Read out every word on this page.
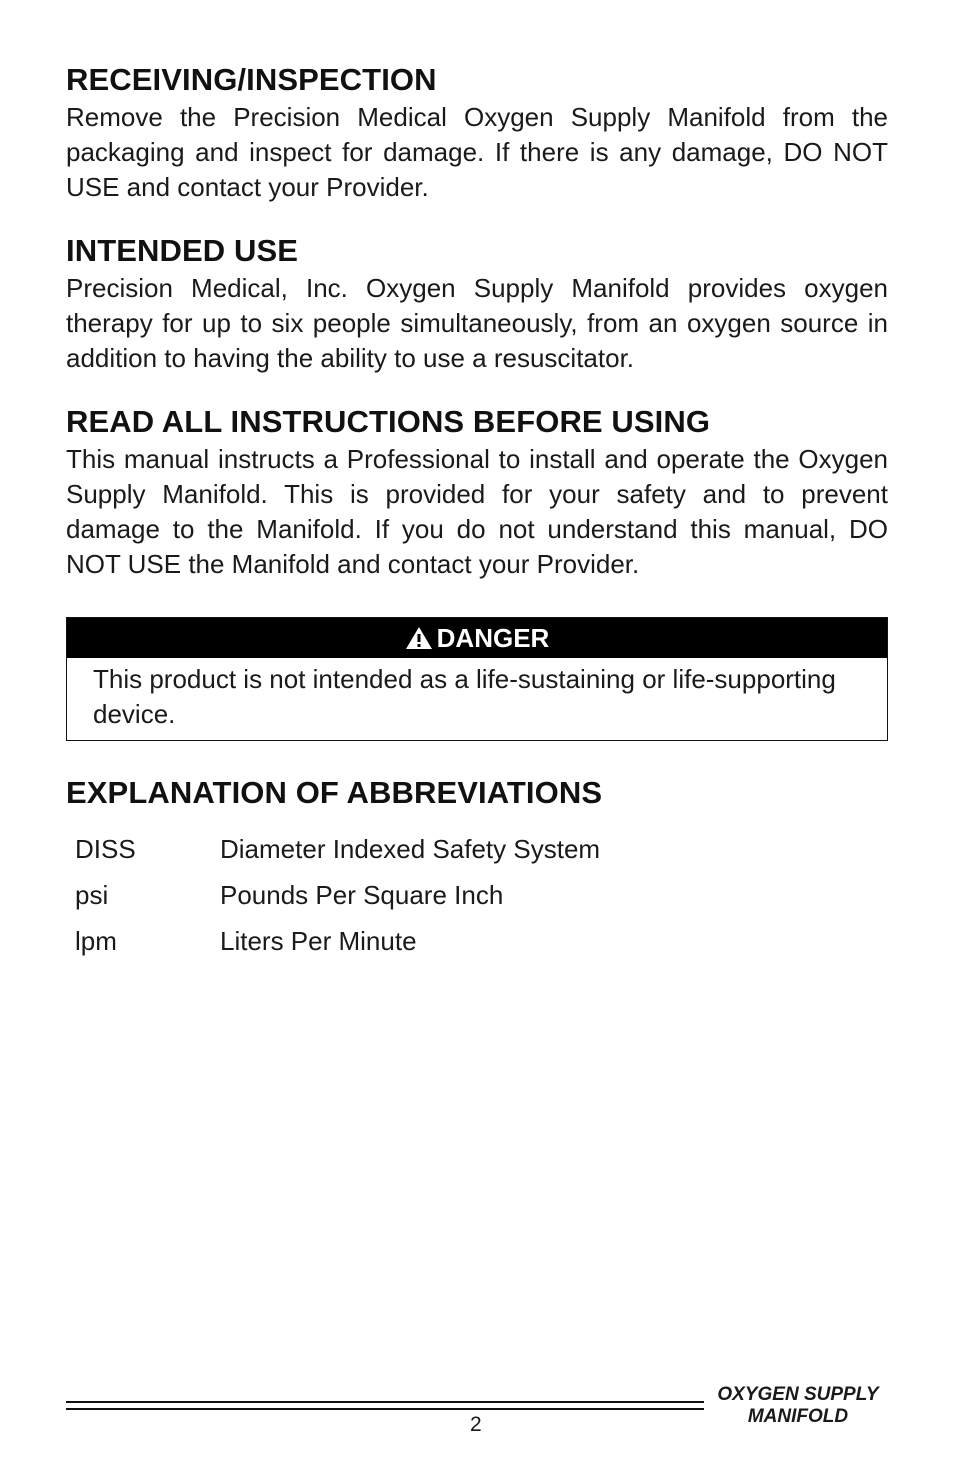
RECEIVING/INSPECTION

Remove the Precision Medical Oxygen Supply Manifold from the packaging and inspect for damage. If there is any damage, DO NOT USE and contact your Provider.

INTENDED USE

Precision Medical, Inc. Oxygen Supply Manifold provides oxygen therapy for up to six people simultaneously, from an oxygen source in addition to having the ability to use a resuscitator.

READ ALL INSTRUCTIONS BEFORE USING

This manual instructs a Professional to install and operate the Oxygen Supply Manifold. This is provided for your safety and to prevent damage to the Manifold. If you do not understand this manual, DO NOT USE the Manifold and contact your Provider.

DANGER
This product is not intended as a life-sustaining or life-supporting device.
EXPLANATION OF ABBREVIATIONS
DISS	Diameter Indexed Safety System
psi	Pounds Per Square Inch
lpm	Liters Per Minute
2
OXYGEN SUPPLY
MANIFOLD
